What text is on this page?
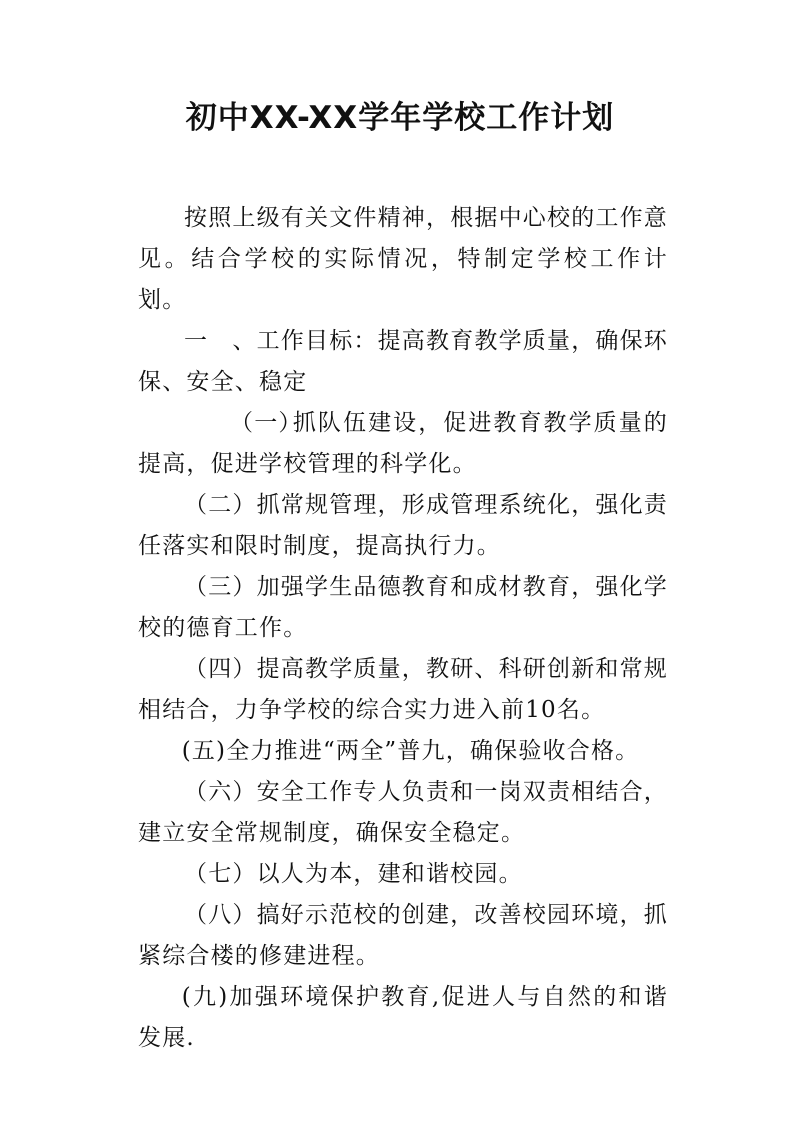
初中XX-XX学年学校工作计划

按照上级有关文件精神，根据中心校的工作意见。结合学校的实际情况，特制定学校工作计划。

一　、工作目标：提高教育教学质量，确保环保、安全、稳定

（一）抓队伍建设，促进教育教学质量的提高，促进学校管理的科学化。

（二）抓常规管理，形成管理系统化，强化责任落实和限时制度，提高执行力。

（三）加强学生品德教育和成材教育，强化学校的德育工作。

（四）提高教学质量，教研、科研创新和常规相结合，力争学校的综合实力进入前10名。

(五)全力推进“两全”普九，确保验收合格。

（六）安全工作专人负责和一岗双责相结合，建立安全常规制度，确保安全稳定。

（七）以人为本，建和谐校园。

（八）搞好示范校的创建，改善校园环境，抓紧综合楼的修建进程。

(九)加强环境保护教育,促进人与自然的和谐发展.
